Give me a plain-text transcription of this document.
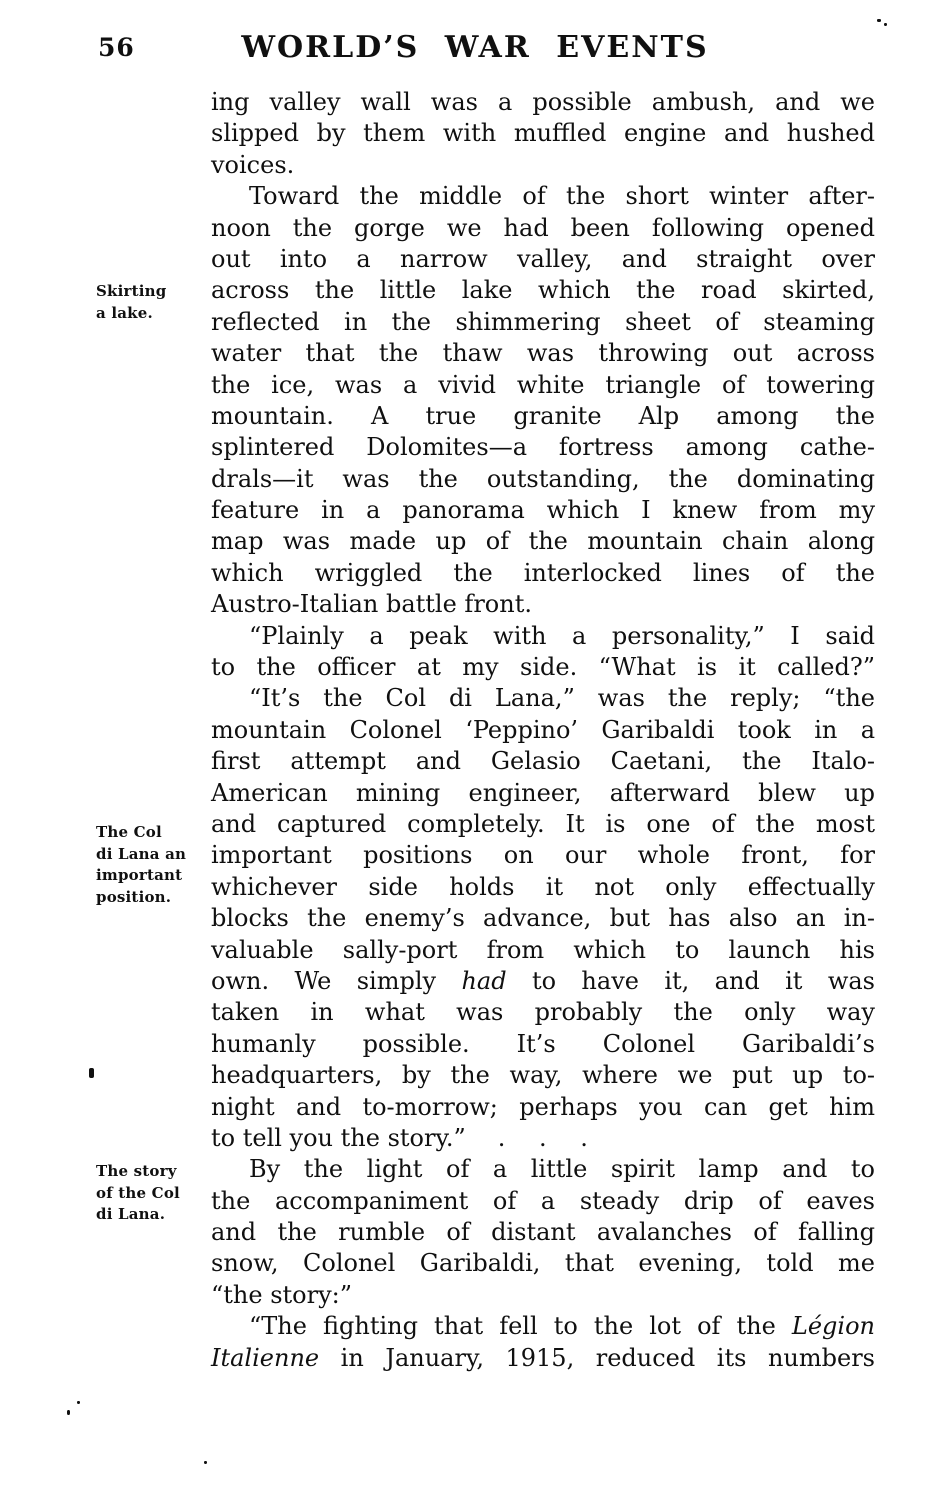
56	WORLD’S WAR EVENTS
Skirting
a lake.
The Col
di Lana an
important
position.
The story
of the Col
di Lana.
ing valley wall was a possible ambush, and we
slipped by them with muffled engine and hushed
voices.
Toward the middle of the short winter after-
noon the gorge we had been following opened
out into a narrow valley, and straight over
across the little lake which the road skirted,
reflected in the shimmering sheet of steaming
water that the thaw was throwing out across
the ice, was a vivid white triangle of towering
mountain. A true granite Alp among the
splintered Dolomites—a fortress among cathe-
drals—it was the outstanding, the dominating
feature in a panorama which I knew from my
map was made up of the mountain chain along
which wriggled the interlocked lines of the
Austro-Italian battle front.
“Plainly a peak with a personality,” I said
to the officer at my side. “What is it called?”
“It’s the Col di Lana,” was the reply; “the
mountain Colonel ‘Peppino’ Garibaldi took in a
first attempt and Gelasio Caetani, the Italo-
American mining engineer, afterward blew up
and captured completely. It is one of the most
important positions on our whole front, for
whichever side holds it not only effectually
blocks the enemy’s advance, but has also an in-
valuable sally-port from which to launch his
own. We simply had to have it, and it was
taken in what was probably the only way
humanly possible. It’s Colonel Garibaldi’s
headquarters, by the way, where we put up to-
night and to-morrow; perhaps you can get him
to tell you the story.” . . .
By the light of a little spirit lamp and to
the accompaniment of a steady drip of eaves
and the rumble of distant avalanches of falling
snow, Colonel Garibaldi, that evening, told me
“the story:”
“The fighting that fell to the lot of the Légion
Italienne in January, 1915, reduced its numbers
